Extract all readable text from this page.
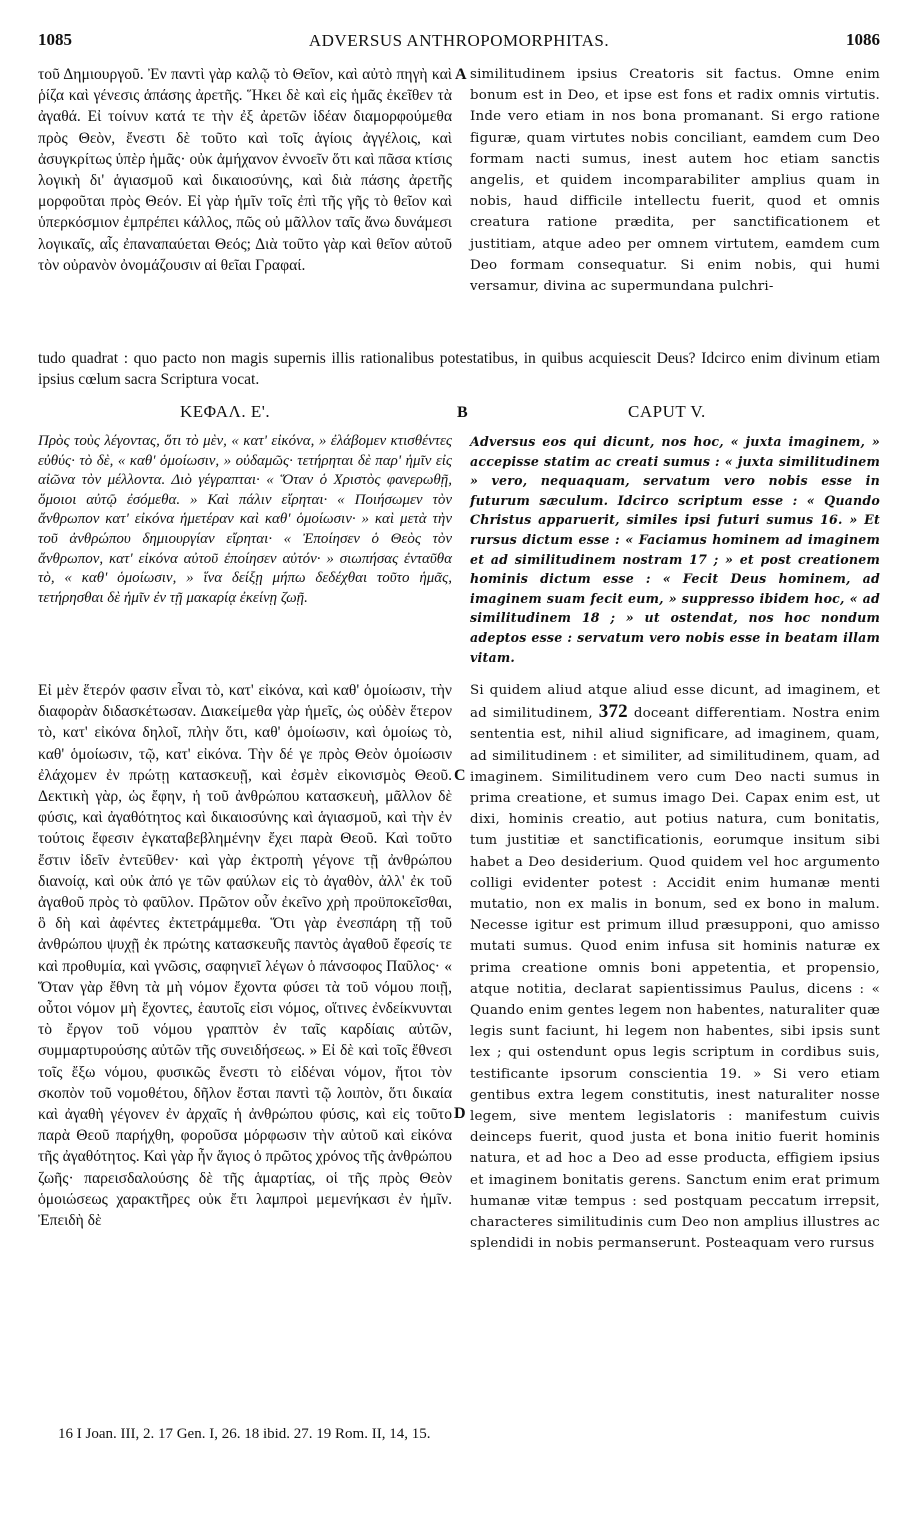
1085	ADVERSUS ANTHROPOMORPHITAS.	1086

τοῦ Δημιουργοῦ. Ἐν παντὶ γὰρ καλῷ τὸ Θεῖον, καὶ αὐτὸ πηγὴ καὶ ῥίζα καὶ γένεσις ἁπάσης ἀρετῆς. Ἥκει δὲ καὶ εἰς ἡμᾶς ἐκεῖθεν τὰ ἀγαθά. Εἰ τοίνυν κατά τε τὴν ἐξ ἀρετῶν ἰδέαν διαμορφούμεθα πρὸς Θεὸν, ἔνεστι δὲ τοῦτο καὶ τοῖς ἁγίοις ἀγγέλοις, καὶ ἀσυγκρίτως ὑπὲρ ἡμᾶς· οὐκ ἀμήχανον ἐννοεῖν ὅτι καὶ πᾶσα κτίσις λογικὴ δι' ἁγιασμοῦ καὶ δικαιοσύνης, καὶ διὰ πάσης ἀρετῆς μορφοῦται πρὸς Θεόν. Εἰ γὰρ ἡμῖν τοῖς ἐπὶ τῆς γῆς τὸ θεῖον καὶ ὑπερκόσμιον ἐμπρέπει κάλλος, πῶς οὐ μᾶλλον ταῖς ἄνω δυνάμεσι λογικαῖς, αἷς ἐπαναπαύεται Θεός; Διὰ τοῦτο γὰρ καὶ θεῖον αὐτοῦ τὸν οὐρανὸν ὀνομάζουσιν αἱ θεῖαι Γραφαί.

A similitudinem ipsius Creatoris sit factus. Omne enim bonum est in Deo, et ipse est fons et radix omnis virtutis. Inde vero etiam in nos bona promanant. Si ergo ratione figuræ, quam virtutes nobis conciliant, eamdem cum Deo formam nacti sumus, inest autem hoc etiam sanctis angelis, et quidem incomparabiliter amplius quam in nobis, haud difficile intellectu fuerit, quod et omnis creatura ratione prædita, per sanctificationem et justitiam, atque adeo per omnem virtutem, eamdem cum Deo formam consequatur. Si enim nobis, qui humi versamur, divina ac supermundana pulchri-

tudo quadrat : quo pacto non magis supernis illis rationalibus potestatibus, in quibus acquiescit Deus? Idcirco enim divinum etiam ipsius cœlum sacra Scriptura vocat.

ΚΕΦΑΛ. Ε'.	B	CAPUT V.

Πρὸς τοὺς λέγοντας, ὅτι τὸ μὲν, « κατ' εἰκόνα, » ἐλάβομεν κτισθέντες εὐθύς· τὸ δὲ, « καθ' ὁμοίωσιν, » οὐδαμῶς· τετήρηται δὲ παρ' ἡμῖν εἰς αἰῶνα τὸν μέλλοντα. Διὸ γέγραπται· « Ὅταν ὁ Χριστὸς φανερωθῇ, ὅμοιοι αὐτῷ ἐσόμεθα. » Καὶ πάλιν εἴρηται· « Ποιήσωμεν τὸν ἄνθρωπον κατ' εἰκόνα ἡμετέραν καὶ καθ' ὁμοίωσιν· » καὶ μετὰ τὴν τοῦ ἀνθρώπου δημιουργίαν εἴρηται· « Ἐποίησεν ὁ Θεὸς τὸν ἄνθρωπον, κατ' εἰκόνα αὐτοῦ ἐποίησεν αὐτόν· » σιωπήσας ἐνταῦθα τὸ, « καθ' ὁμοίωσιν, » ἵνα δείξῃ μήπω δεδέχθαι τοῦτο ἡμᾶς, τετήρησθαι δὲ ἡμῖν ἐν τῇ μακαρίᾳ ἐκείνῃ ζωῇ.

Adversus eos qui dicunt, nos hoc, « juxta imaginem, » accepisse statim ac creati sumus : « juxta similitudinem » vero, nequaquam, servatum vero nobis esse in futurum sæculum. Idcirco scriptum esse : « Quando Christus apparuerit, similes ipsi futuri sumus 16. » Et rursus dictum esse : « Faciamus hominem ad imaginem et ad similitudinem nostram 17 ; » et post creationem hominis dictum esse : « Fecit Deus hominem, ad imaginem suam fecit eum, » suppresso ibidem hoc, « ad similitudinem 18 ; » ut ostendat, nos hoc nondum adeptos esse : servatum vero nobis esse in beatam illam vitam.

Εἰ μὲν ἕτερόν φασιν εἶναι τὸ, κατ' εἰκόνα, καὶ καθ' ὁμοίωσιν, τὴν διαφορὰν διδασκέτωσαν. Διακείμεθα γὰρ ἡμεῖς, ὡς οὐδὲν ἕτερον τὸ, κατ' εἰκόνα δηλοῖ, πλὴν ὅτι, καθ' ὁμοίωσιν, καὶ ὁμοίως τὸ, καθ' ὁμοίωσιν, τῷ, κατ' εἰκόνα. Τὴν δέ γε πρὸς Θεὸν ὁμοίωσιν ἐλάχομεν ἐν πρώτῃ κατασκευῇ, καὶ ἐσμὲν εἰκονισμὸς Θεοῦ. Δεκτικὴ γὰρ, ὡς ἔφην, ἡ τοῦ ἀνθρώπου κατασκευὴ, μᾶλλον δὲ φύσις, καὶ ἀγαθότητος καὶ δικαιοσύνης καὶ ἁγιασμοῦ, καὶ τὴν ἐν τούτοις ἔφεσιν ἐγκαταβεβλημένην ἔχει παρὰ Θεοῦ. Καὶ τοῦτο ἔστιν ἰδεῖν ἐντεῦθεν· καὶ γὰρ ἐκτροπὴ γέγονε τῇ ἀνθρώπου διανοίᾳ, καὶ οὐκ ἀπό γε τῶν φαύλων εἰς τὸ ἀγαθὸν, ἀλλ' ἐκ τοῦ ἀγαθοῦ πρὸς τὸ φαῦλον. Πρῶτον οὖν ἐκεῖνο χρὴ προϋποκεῖσθαι, ὃ δὴ καὶ ἀφέντες ἐκτετράμμεθα. Ὅτι γὰρ ἐνεσπάρη τῇ τοῦ ἀνθρώπου ψυχῇ ἐκ πρώτης κατασκευῆς παντὸς ἀγαθοῦ ἔφεσίς τε καὶ προθυμία, καὶ γνῶσις, σαφηνιεῖ λέγων ὁ πάνσοφος Παῦλος· « Ὅταν γὰρ ἔθνη τὰ μὴ νόμον ἔχοντα φύσει τὰ τοῦ νόμου ποιῇ, οὗτοι νόμον μὴ ἔχοντες, ἑαυτοῖς εἰσι νόμος, οἵτινες ἐνδείκνυνται τὸ ἔργον τοῦ νόμου γραπτὸν ἐν ταῖς καρδίαις αὐτῶν, συμμαρτυρούσης αὐτῶν τῆς συνειδήσεως. » Εἰ δὲ καὶ τοῖς ἔθνεσι τοῖς ἔξω νόμου, φυσικῶς ἔνεστι τὸ εἰδέναι νόμον, ἤτοι τὸν σκοπὸν τοῦ νομοθέτου, δῆλον ἔσται παντὶ τῷ λοιπὸν, ὅτι δικαία καὶ ἀγαθὴ γέγονεν ἐν ἀρχαῖς ἡ ἀνθρώπου φύσις, καὶ εἰς τοῦτο παρὰ Θεοῦ παρήχθη, φοροῦσα μόρφωσιν τὴν αὐτοῦ καὶ εἰκόνα τῆς ἀγαθότητος. Καὶ γὰρ ἦν ἅγιος ὁ πρῶτος χρόνος τῆς ἀνθρώπου ζωῆς· παρεισδαλούσης δὲ τῆς ἁμαρτίας, οἱ τῆς πρὸς Θεὸν ὁμοιώσεως χαρακτῆρες οὐκ ἔτι λαμπροὶ μεμενήκασι ἐν ἡμῖν. Ἐπειδὴ δὲ

C
D

Si quidem aliud atque aliud esse dicunt, ad imaginem, et ad similitudinem, 372 doceant differentiam. Nostra enim sententia est, nihil aliud significare, ad imaginem, quam, ad similitudinem : et similiter, ad similitudinem, quam, ad imaginem. Similitudinem vero cum Deo nacti sumus in prima creatione, et sumus imago Dei. Capax enim est, ut dixi, hominis creatio, aut potius natura, cum bonitatis, tum justitiæ et sanctificationis, eorumque insitum sibi habet a Deo desiderium. Quod quidem vel hoc argumento colligi evidenter potest : Accidit enim humanæ menti mutatio, non ex malis in bonum, sed ex bono in malum. Necesse igitur est primum illud præsupponi, quo amisso mutati sumus. Quod enim infusa sit hominis naturæ ex prima creatione omnis boni appetentia, et propensio, atque notitia, declarat sapientissimus Paulus, dicens : « Quando enim gentes legem non habentes, naturaliter quæ legis sunt faciunt, hi legem non habentes, sibi ipsis sunt lex ; qui ostendunt opus legis scriptum in cordibus suis, testificante ipsorum conscientia 19. » Si vero etiam gentibus extra legem constitutis, inest naturaliter nosse legem, sive mentem legislatoris : manifestum cuivis deinceps fuerit, quod justa et bona initio fuerit hominis natura, et ad hoc a Deo ad esse producta, effigiem ipsius et imaginem bonitatis gerens. Sanctum enim erat primum humanæ vitæ tempus : sed postquam peccatum irrepsit, characteres similitudinis cum Deo non amplius illustres ac splendidi in nobis permanserunt. Posteaquam vero rursus

16 I Joan. III, 2. 17 Gen. I, 26. 18 ibid. 27. 19 Rom. II, 14, 15.
